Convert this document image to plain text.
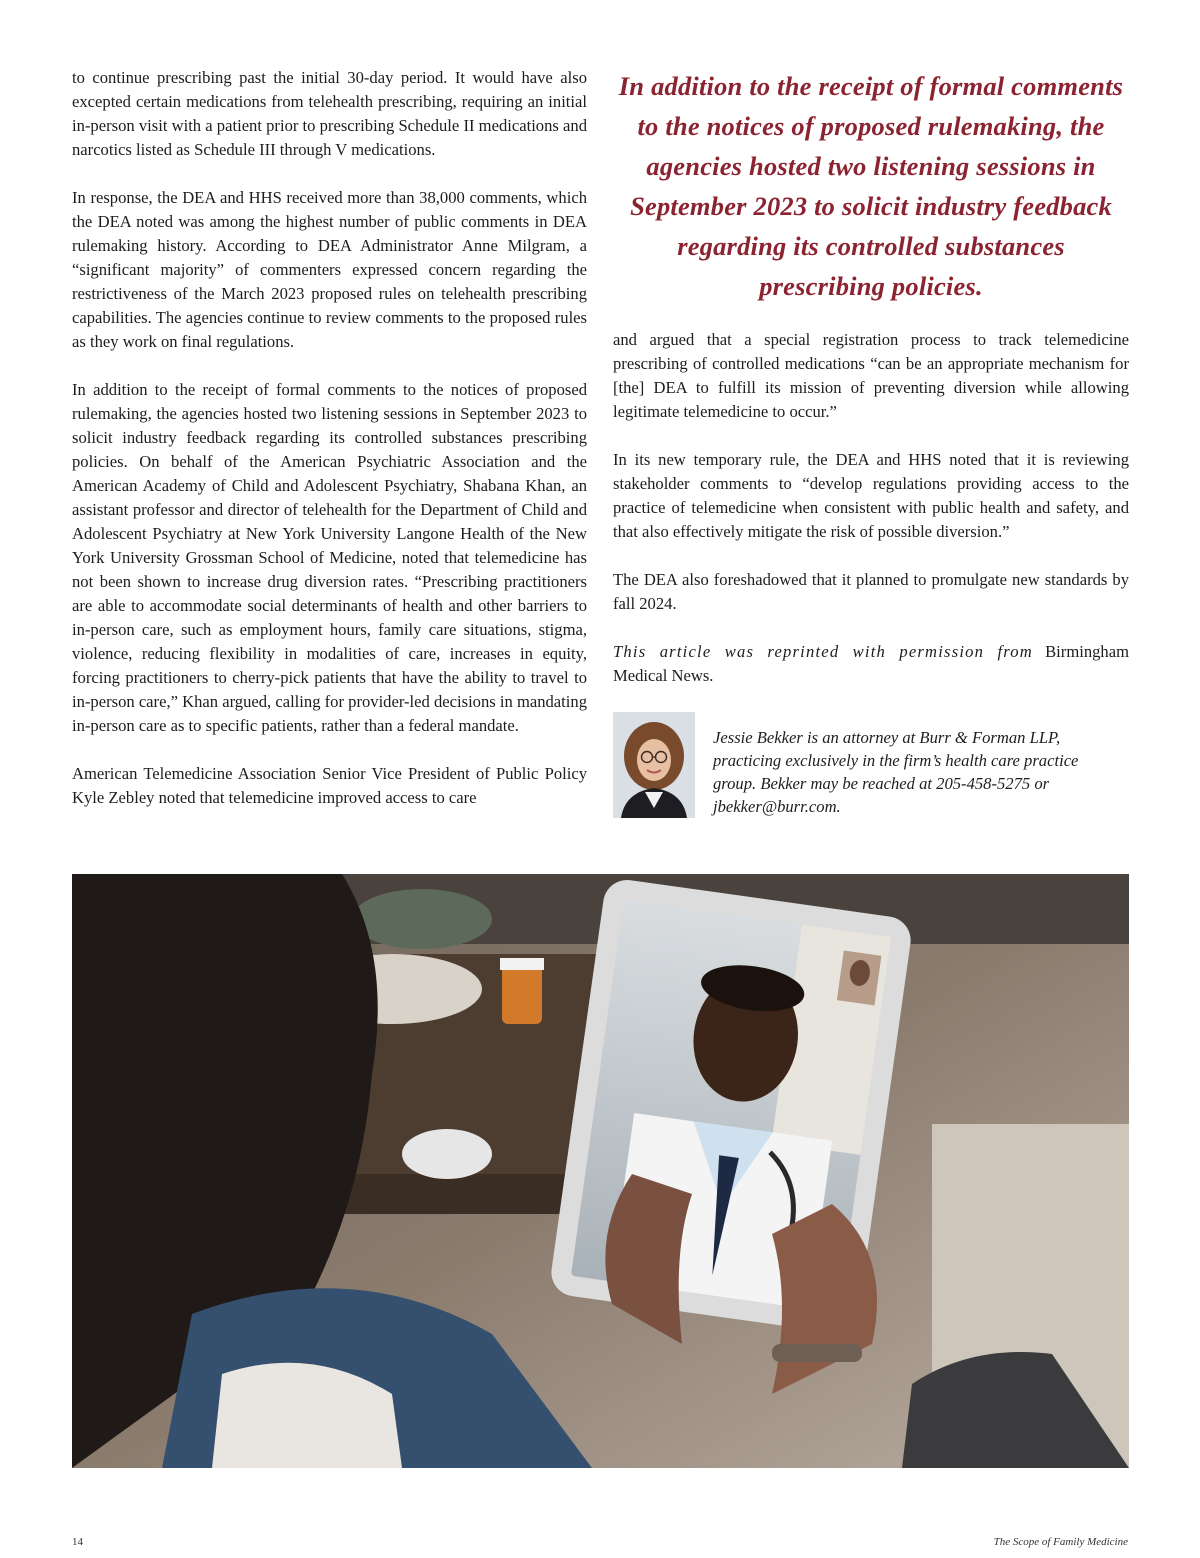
to continue prescribing past the initial 30-day period. It would have also excepted certain medications from telehealth prescribing, requiring an initial in-person visit with a patient prior to prescribing Schedule II medications and narcotics listed as Schedule III through V medications.

In response, the DEA and HHS received more than 38,000 comments, which the DEA noted was among the highest number of public comments in DEA rulemaking history. According to DEA Administrator Anne Milgram, a “significant majority” of commenters expressed concern regarding the restrictiveness of the March 2023 proposed rules on telehealth prescribing capabilities. The agencies continue to review comments to the proposed rules as they work on final regulations.

In addition to the receipt of formal comments to the notices of proposed rulemaking, the agencies hosted two listening sessions in September 2023 to solicit industry feedback regarding its controlled substances prescribing policies. On behalf of the American Psychiatric Association and the American Academy of Child and Adolescent Psychiatry, Shabana Khan, an assistant professor and director of telehealth for the Department of Child and Adolescent Psychiatry at New York University Langone Health of the New York University Grossman School of Medicine, noted that telemedicine has not been shown to increase drug diversion rates. “Prescribing practitioners are able to accommodate social determinants of health and other barriers to in-person care, such as employment hours, family care situations, stigma, violence, reducing flexibility in modalities of care, increases in equity, forcing practitioners to cherry-pick patients that have the ability to travel to in-person care,” Khan argued, calling for provider-led decisions in mandating in-person care as to specific patients, rather than a federal mandate.

American Telemedicine Association Senior Vice President of Public Policy Kyle Zebley noted that telemedicine improved access to care

In addition to the receipt of formal comments to the notices of proposed rulemaking, the agencies hosted two listening sessions in September 2023 to solicit industry feedback regarding its controlled substances prescribing policies.

and argued that a special registration process to track telemedicine prescribing of controlled medications “can be an appropriate mechanism for [the] DEA to fulfill its mission of preventing diversion while allowing legitimate telemedicine to occur.”

In its new temporary rule, the DEA and HHS noted that it is reviewing stakeholder comments to “develop regulations providing access to the practice of telemedicine when consistent with public health and safety, and that also effectively mitigate the risk of possible diversion.”

The DEA also foreshadowed that it planned to promulgate new standards by fall 2024.

This article was reprinted with permission from Birmingham Medical News.

Jessie Bekker is an attorney at Burr & Forman LLP, practicing exclusively in the firm’s health care practice group. Bekker may be reached at 205-458-5275 or jbekker@burr.com.
14	The Scope of Family Medicine
